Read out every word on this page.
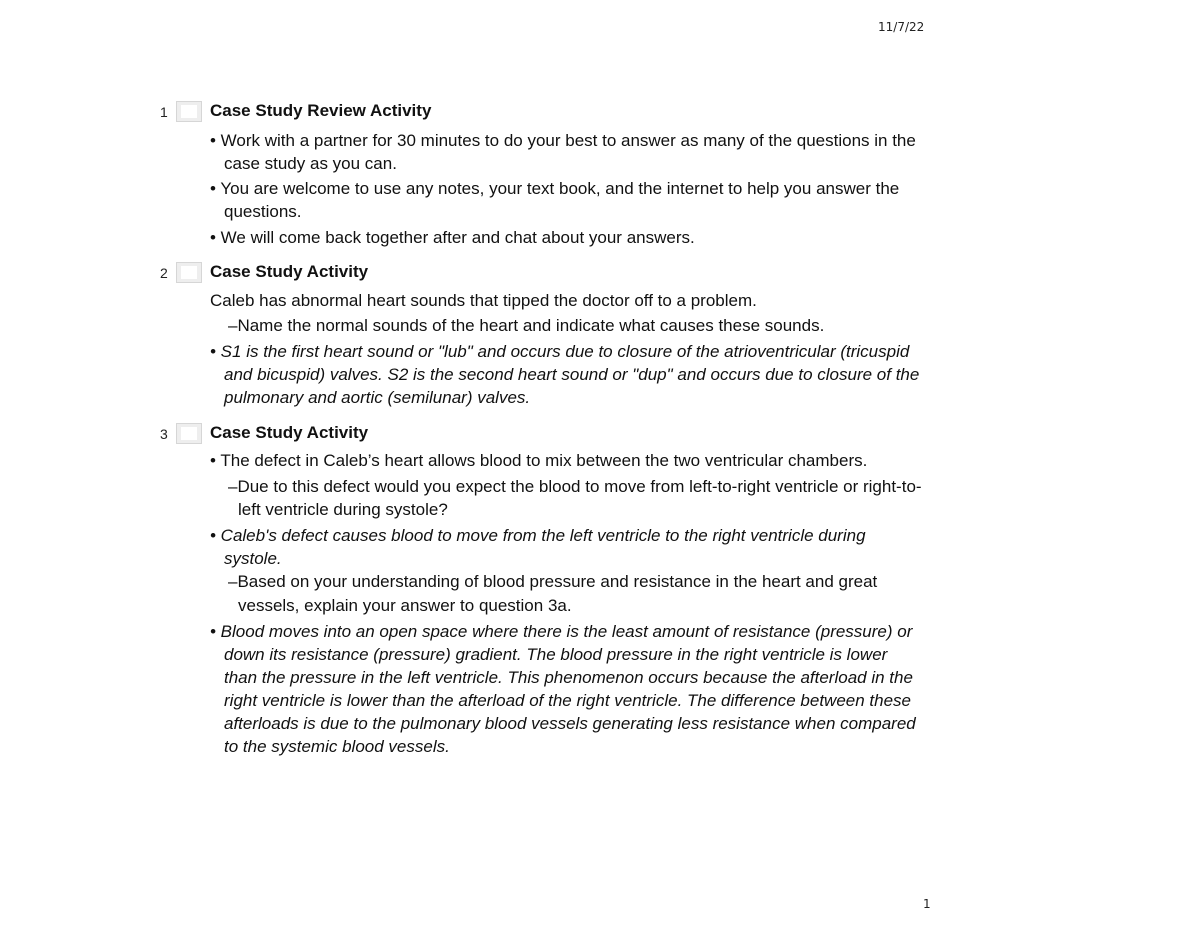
11/7/22
1 Case Study Review Activity
• Work with a partner for 30 minutes to do your best to answer as many of the questions in the
case study as you can.
• You are welcome to use any notes, your text book, and the internet to help you answer the
questions.
• We will come back together after and chat about your answers.
2 Case Study Activity
Caleb has abnormal heart sounds that tipped the doctor off to a problem.
–Name the normal sounds of the heart and indicate what causes these sounds.
• S1 is the first heart sound or "lub" and occurs due to closure of the atrioventricular (tricuspid
and bicuspid) valves. S2 is the second heart sound or "dup" and occurs due to closure of the
pulmonary and aortic (semilunar) valves.
3 Case Study Activity
• The defect in Caleb’s heart allows blood to mix between the two ventricular chambers.
–Due to this defect would you expect the blood to move from left-to-right ventricle or right-to-
left ventricle during systole?
• Caleb's defect causes blood to move from the left ventricle to the right ventricle during
systole.
–Based on your understanding of blood pressure and resistance in the heart and great
vessels, explain your answer to question 3a.
• Blood moves into an open space where there is the least amount of resistance (pressure) or
down its resistance (pressure) gradient. The blood pressure in the right ventricle is lower
than the pressure in the left ventricle. This phenomenon occurs because the afterload in the
right ventricle is lower than the afterload of the right ventricle. The difference between these
afterloads is due to the pulmonary blood vessels generating less resistance when compared
to the systemic blood vessels.
1
